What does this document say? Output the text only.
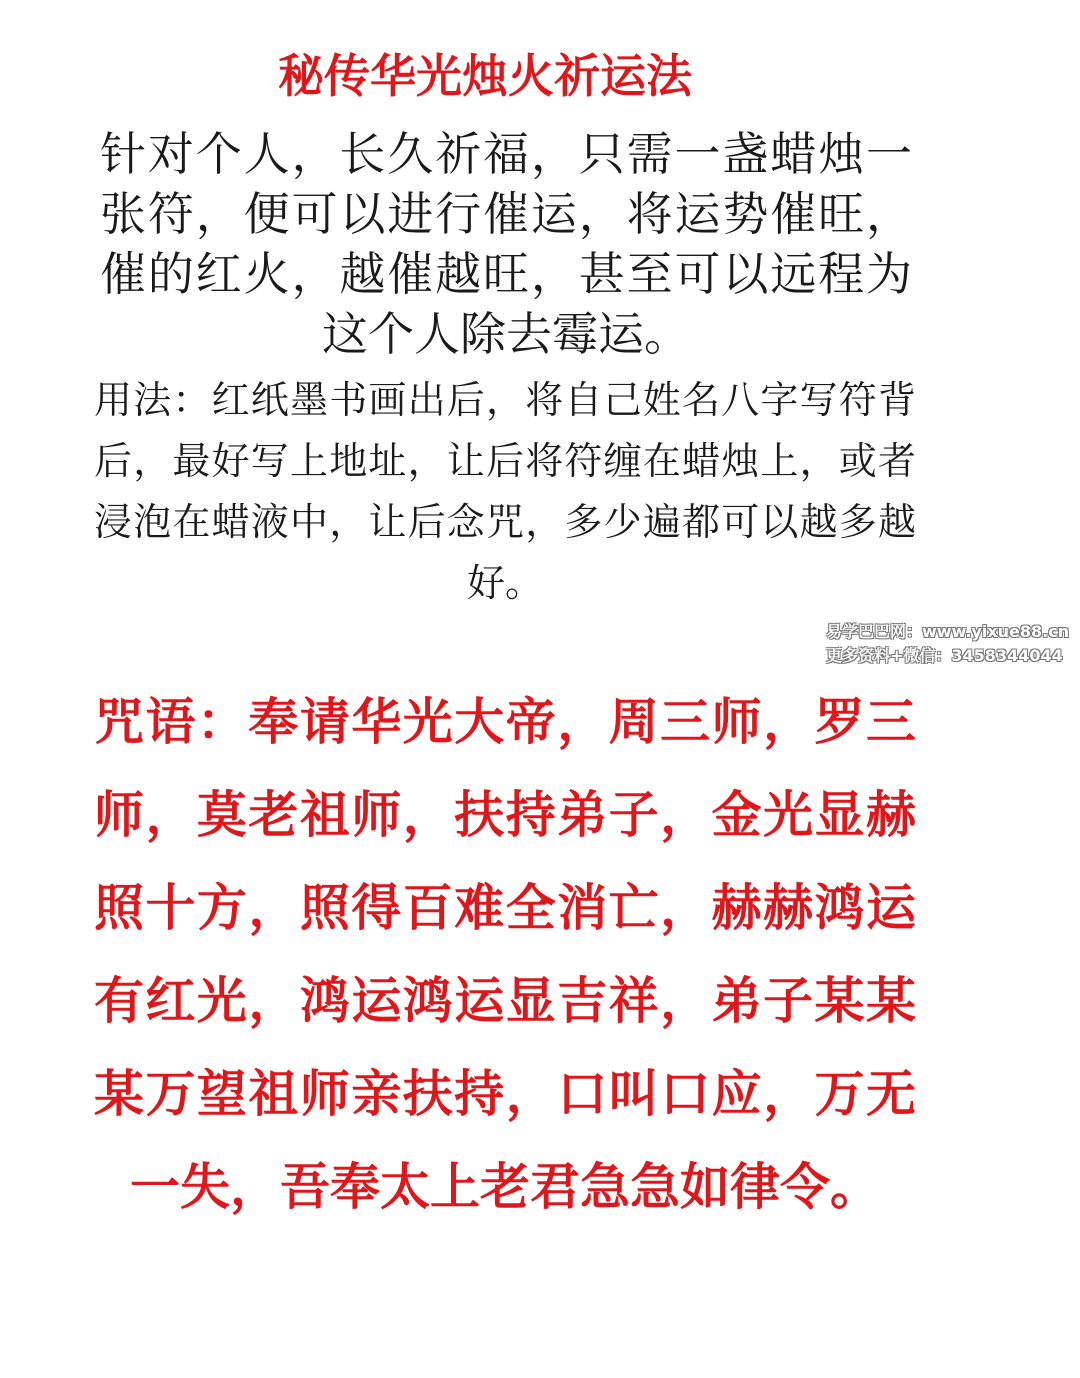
秘传华光烛火祈运法
针对个人，长久祈福，只需一盏蜡烛一
张符，便可以进行催运，将运势催旺，
催的红火，越催越旺，甚至可以远程为
这个人除去霉运。
用法：红纸墨书画出后，将自己姓名八字写符背
后，最好写上地址，让后将符缠在蜡烛上，或者
浸泡在蜡液中，让后念咒，多少遍都可以越多越
好。
易学巴巴网：www.yixue88.cn
更多资料+微信：3458344044
咒语：奉请华光大帝，周三师，罗三
师，莫老祖师，扶持弟子，金光显赫
照十方，照得百难全消亡，赫赫鸿运
有红光，鸿运鸿运显吉祥，弟子某某
某万望祖师亲扶持，口叫口应，万无
一失，吾奉太上老君急急如律令。
